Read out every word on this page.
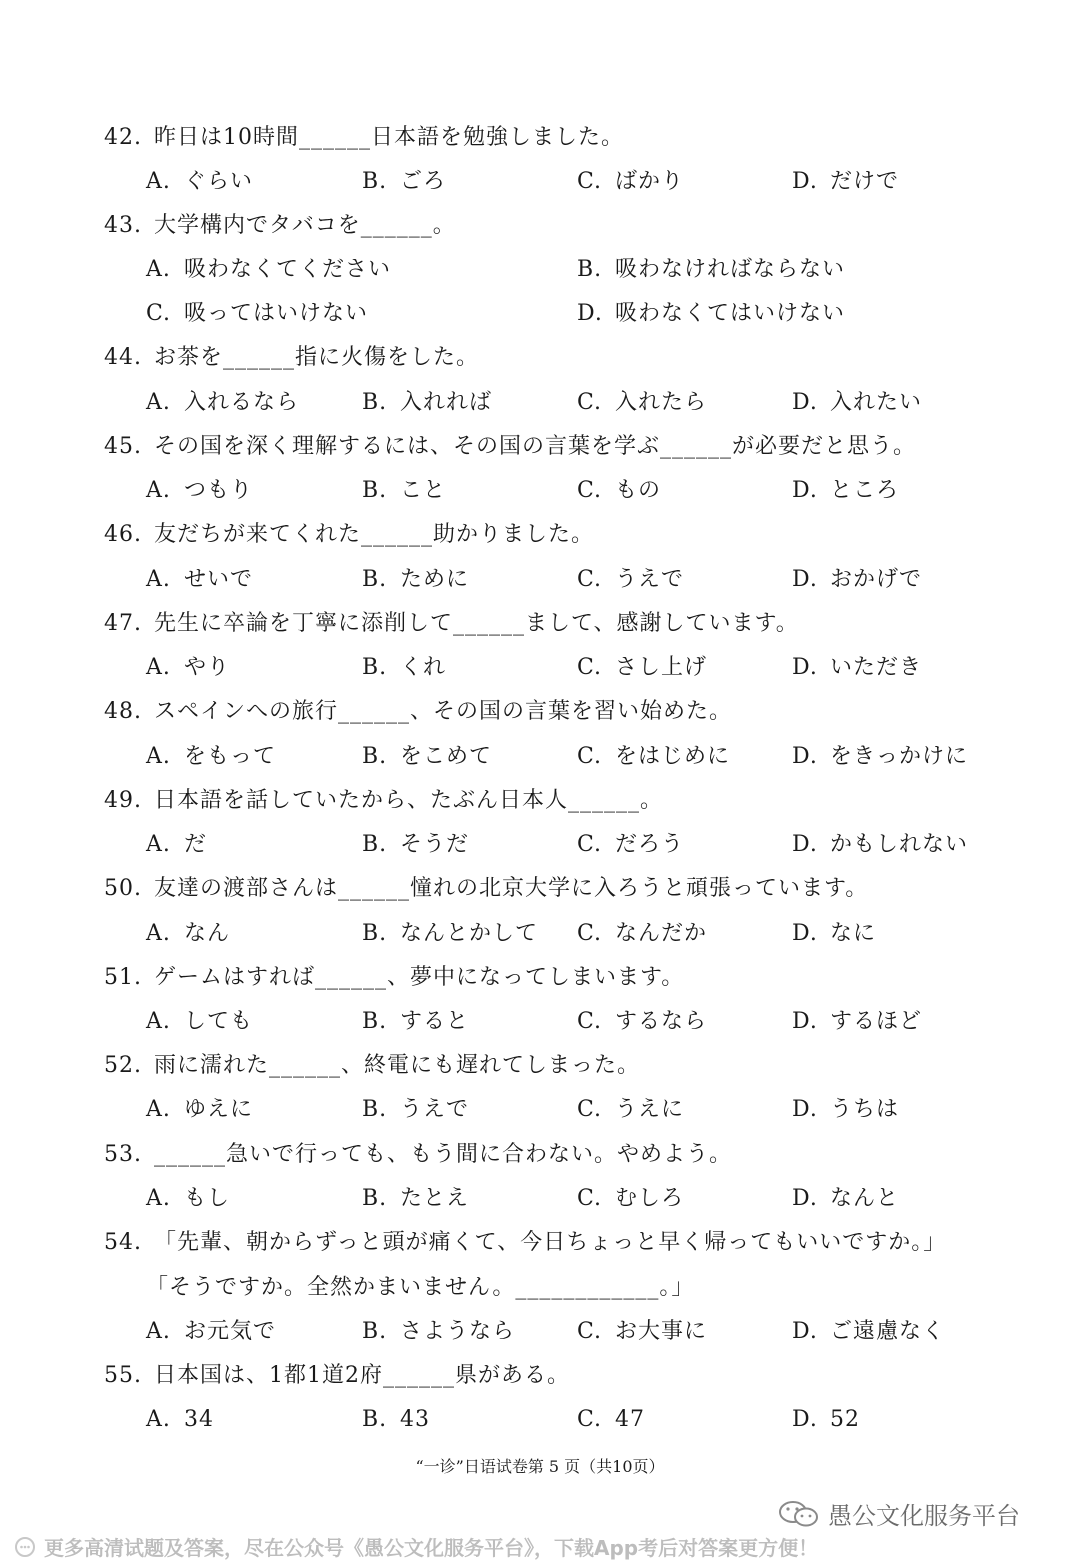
42. 昨日は10時間______日本語を勉強しました。
A. ぐらい	B. ごろ	C. ばかり	D. だけで
43. 大学構内でタバコを______。
A. 吸わなくてください	B. 吸わなければならない
C. 吸ってはいけない	D. 吸わなくてはいけない
44. お茶を______指に火傷をした。
A. 入れるなら	B. 入れれば	C. 入れたら	D. 入れたい
45. その国を深く理解するには、その国の言葉を学ぶ______が必要だと思う。
A. つもり	B. こと	C. もの	D. ところ
46. 友だちが来てくれた______助かりました。
A. せいで	B. ために	C. うえで	D. おかげで
47. 先生に卒論を丁寧に添削して______まして、感謝しています。
A. やり	B. くれ	C. さし上げ	D. いただき
48. スペインへの旅行______、その国の言葉を習い始めた。
A. をもって	B. をこめて	C. をはじめに	D. をきっかけに
49. 日本語を話していたから、たぶん日本人______。
A. だ	B. そうだ	C. だろう	D. かもしれない
50. 友達の渡部さんは______憧れの北京大学に入ろうと頑張っています。
A. なん	B. なんとかして C. なんだか	D. なに
51. ゲームはすれば______、夢中になってしまいます。
A. しても	B. すると	C. するなら	D. するほど
52. 雨に濡れた______、終電にも遅れてしまった。
A. ゆえに	B. うえで	C. うえに	D. うちは
53. ______急いで行っても、もう間に合わない。やめよう。
A. もし	B. たとえ	C. むしろ	D. なんと
54. 「先輩、朝からずっと頭が痛くて、今日ちょっと早く帰ってもいいですか。」
「そうですか。全然かまいません。____________。」
A. お元気で	B. さようなら	C. お大事に	D. ご遠慮なく
55. 日本国は、1都1道2府______県がある。
A. 34	B. 43	C. 47	D. 52
“一诊”日语试卷第 5 页（共10页）
愚公文化服务平台
更多高清试题及答案，尽在公众号《愚公文化服务平台》，下载App考后对答案更方便！
